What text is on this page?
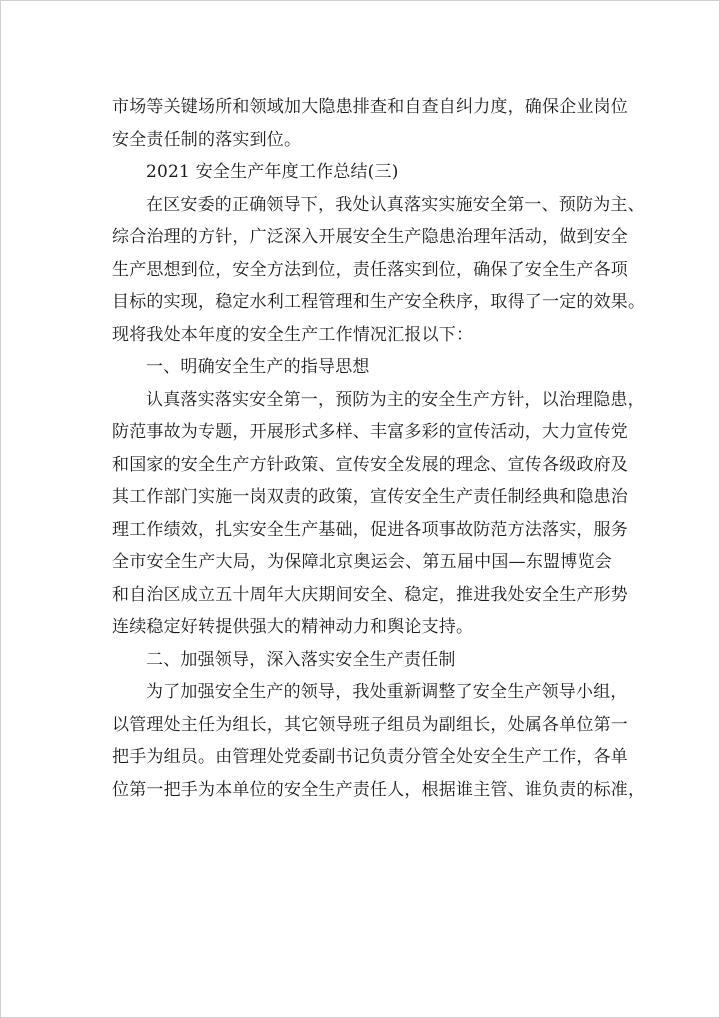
市场等关键场所和领域加大隐患排查和自查自纠力度，确保企业岗位
安全责任制的落实到位。
2021 安全生产年度工作总结(三)
在区安委的正确领导下，我处认真落实实施安全第一、预防为主、
综合治理的方针，广泛深入开展安全生产隐患治理年活动，做到安全
生产思想到位，安全方法到位，责任落实到位，确保了安全生产各项
目标的实现，稳定水利工程管理和生产安全秩序，取得了一定的效果。
现将我处本年度的安全生产工作情况汇报以下：
一、明确安全生产的指导思想
认真落实落实安全第一，预防为主的安全生产方针，以治理隐患，
防范事故为专题，开展形式多样、丰富多彩的宣传活动，大力宣传党
和国家的安全生产方针政策、宣传安全发展的理念、宣传各级政府及
其工作部门实施一岗双责的政策，宣传安全生产责任制经典和隐患治
理工作绩效，扎实安全生产基础，促进各项事故防范方法落实，服务
全市安全生产大局，为保障北京奥运会、第五届中国—东盟博览会
和自治区成立五十周年大庆期间安全、稳定，推进我处安全生产形势
连续稳定好转提供强大的精神动力和舆论支持。
二、加强领导，深入落实安全生产责任制
为了加强安全生产的领导，我处重新调整了安全生产领导小组，
以管理处主任为组长，其它领导班子组员为副组长，处属各单位第一
把手为组员。由管理处党委副书记负责分管全处安全生产工作，各单
位第一把手为本单位的安全生产责任人，根据谁主管、谁负责的标准，
